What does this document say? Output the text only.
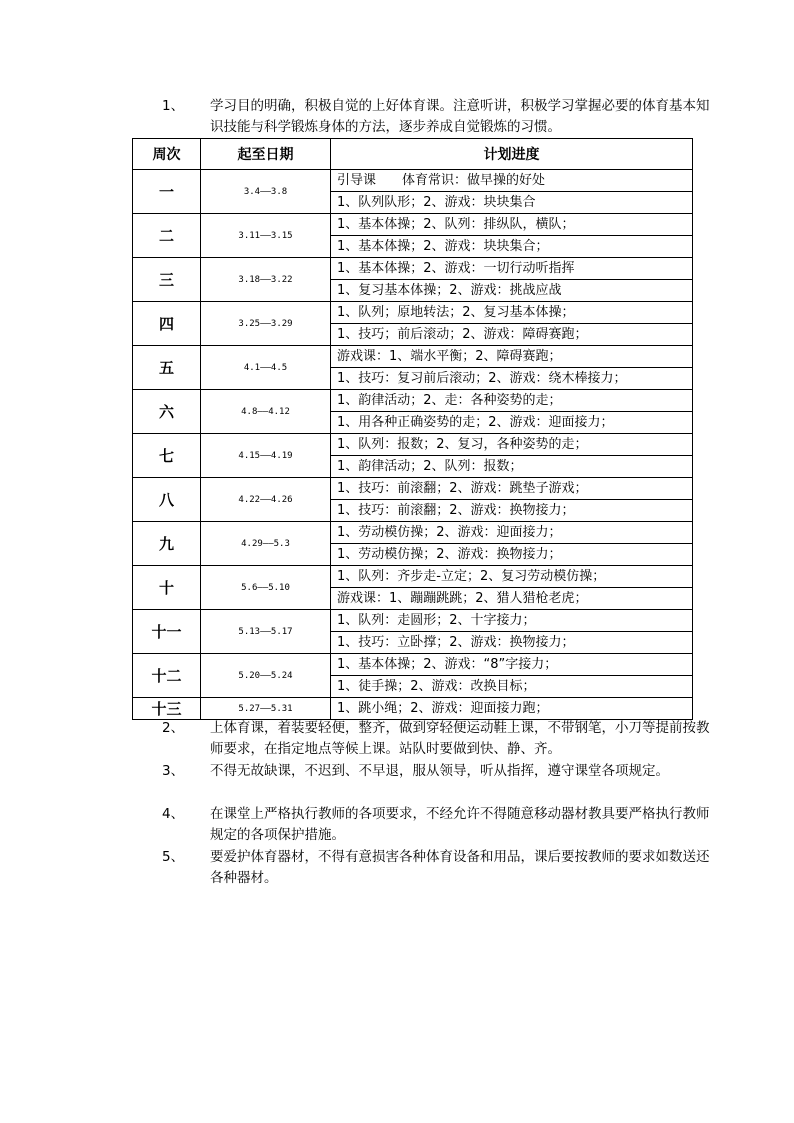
1、 学习目的明确，积极自觉的上好体育课。注意听讲，积极学习掌握必要的体育基本知识技能与科学锻炼身体的方法，逐步养成自觉锻炼的习惯。
周次	起至日期	计划进度
一	3.4——3.8	引导课　　体育常识：做早操的好处
		1、队列队形；2、游戏：块块集合
二	3.11——3.15	1、基本体操；2、队列：排纵队，横队；
		1、基本体操；2、游戏：块块集合；
三	3.18——3.22	1、基本体操；2、游戏：一切行动听指挥
		1、复习基本体操；2、游戏：挑战应战
四	3.25——3.29	1、队列；原地转法；2、复习基本体操；
		1、技巧；前后滚动；2、游戏：障碍赛跑；
五	4.1——4.5	游戏课：1、端水平衡；2、障碍赛跑；
		1、技巧：复习前后滚动；2、游戏：绕木棒接力；
六	4.8——4.12	1、韵律活动；2、走：各种姿势的走；
		1、用各种正确姿势的走；2、游戏：迎面接力；
七	4.15——4.19	1、队列：报数；2、复习，各种姿势的走；
		1、韵律活动；2、队列：报数；
八	4.22——4.26	1、技巧：前滚翻；2、游戏：跳垫子游戏；
		1、技巧：前滚翻；2、游戏：换物接力；
九	4.29——5.3	1、劳动模仿操；2、游戏：迎面接力；
		1、劳动模仿操；2、游戏：换物接力；
十	5.6——5.10	1、队列：齐步走-立定；2、复习劳动模仿操；
		游戏课：1、蹦蹦跳跳；2、猎人猎枪老虎；
十一	5.13——5.17	1、队列：走圆形；2、十字接力；
		1、技巧：立卧撑；2、游戏：换物接力；
十二	5.20——5.24	1、基本体操；2、游戏：“8”字接力；
		1、徒手操；2、游戏：改换目标；
十三	5.27——5.31	1、跳小绳；2、游戏：迎面接力跑；
2、 上体育课，着装要轻便，整齐，做到穿轻便运动鞋上课，不带钢笔，小刀等提前按教师要求，在指定地点等候上课。站队时要做到快、静、齐。
3、 不得无故缺课，不迟到、不早退，服从领导，听从指挥，遵守课堂各项规定。
4、 在课堂上严格执行教师的各项要求，不经允许不得随意移动器材教具要严格执行教师规定的各项保护措施。
5、 要爱护体育器材，不得有意损害各种体育设备和用品，课后要按教师的要求如数送还各种器材。
